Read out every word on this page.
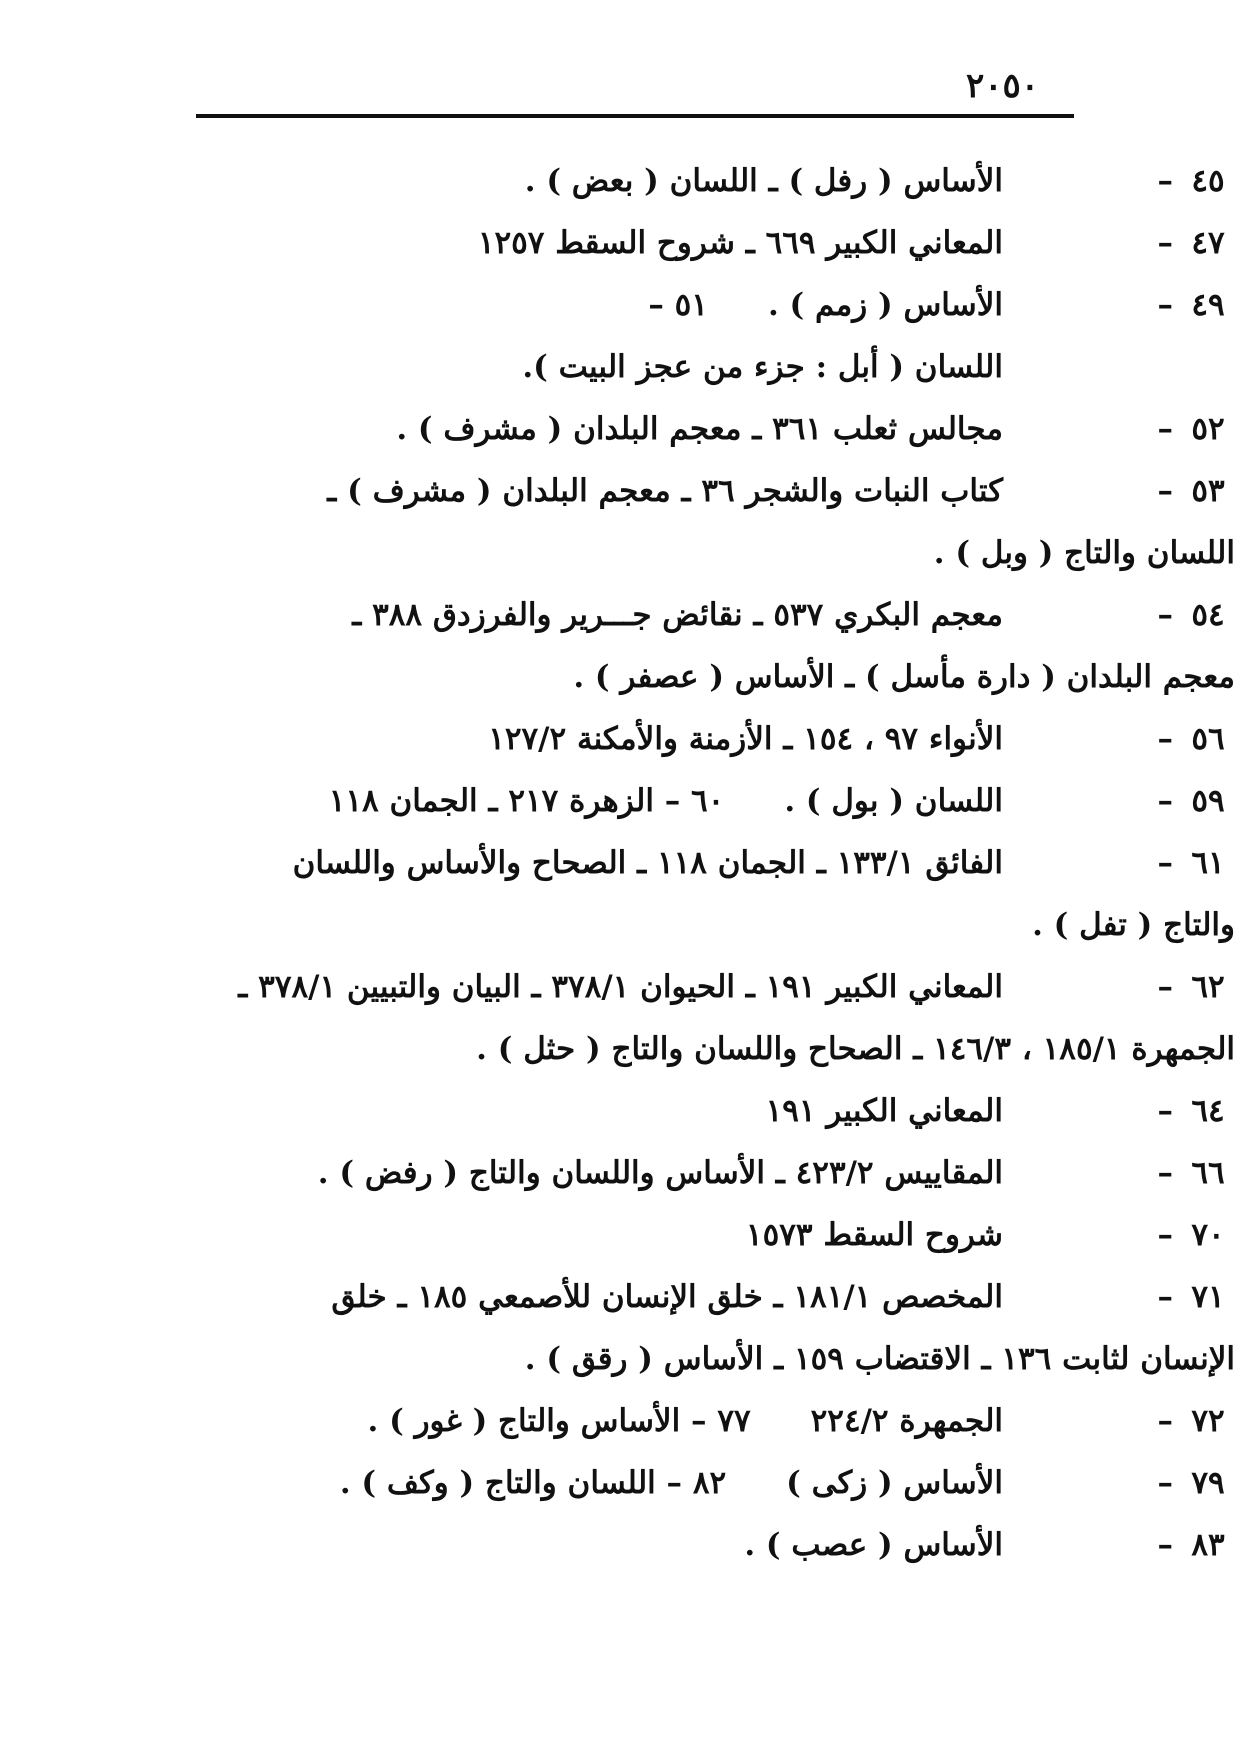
٢٠٥٠

٤٥
–
الأساس ( رفل ) ـ اللسان ( بعض ) .
٤٧
–
المعاني الكبير ٦٦٩ ـ شروح السقط ١٢٥٧
٤٩
–
الأساس ( زمم ) .٥١ – اللسان ( أبل : جزء من عجز البيت ).
٥٢
–
مجالس ثعلب ٣٦١ ـ معجم البلدان ( مشرف ) .
٥٣
–
كتاب النبات والشجر ٣٦ ـ معجم البلدان ( مشرف ) ـ
اللسان والتاج ( وبل ) .
٥٤
–
معجم البكري ٥٣٧ ـ نقائض جـــرير والفرزدق ٣٨٨ ـ
معجم البلدان ( دارة مأسل ) ـ الأساس ( عصفر ) .
٥٦
–
الأنواء ٩٧ ، ١٥٤ ـ الأزمنة والأمكنة ١٢٧/٢
٥٩
–
اللسان ( بول ) .٦٠ – الزهرة ٢١٧ ـ الجمان ١١٨
٦١
–
الفائق ١٣٣/١ ـ الجمان ١١٨ ـ الصحاح والأساس واللسان
والتاج ( تفل ) .
٦٢
–
المعاني الكبير ١٩١ ـ الحيوان ٣٧٨/١ ـ البيان والتبيين ٣٧٨/١ ـ
الجمهرة ١٨٥/١ ، ١٤٦/٣ ـ الصحاح واللسان والتاج ( حثل ) .
٦٤
–
المعاني الكبير ١٩١
٦٦
–
المقاييس ٤٢٣/٢ ـ الأساس واللسان والتاج ( رفض ) .
٧٠
–
شروح السقط ١٥٧٣
٧١
–
المخصص ١٨١/١ ـ خلق الإنسان للأصمعي ١٨٥ ـ خلق
الإنسان لثابت ١٣٦ ـ الاقتضاب ١٥٩ ـ الأساس ( رقق ) .
٧٢
–
الجمهرة ٢٢٤/٢٧٧ – الأساس والتاج ( غور ) .
٧٩
–
الأساس ( زكى )٨٢ – اللسان والتاج ( وكف ) .
٨٣
–
الأساس ( عصب ) .
